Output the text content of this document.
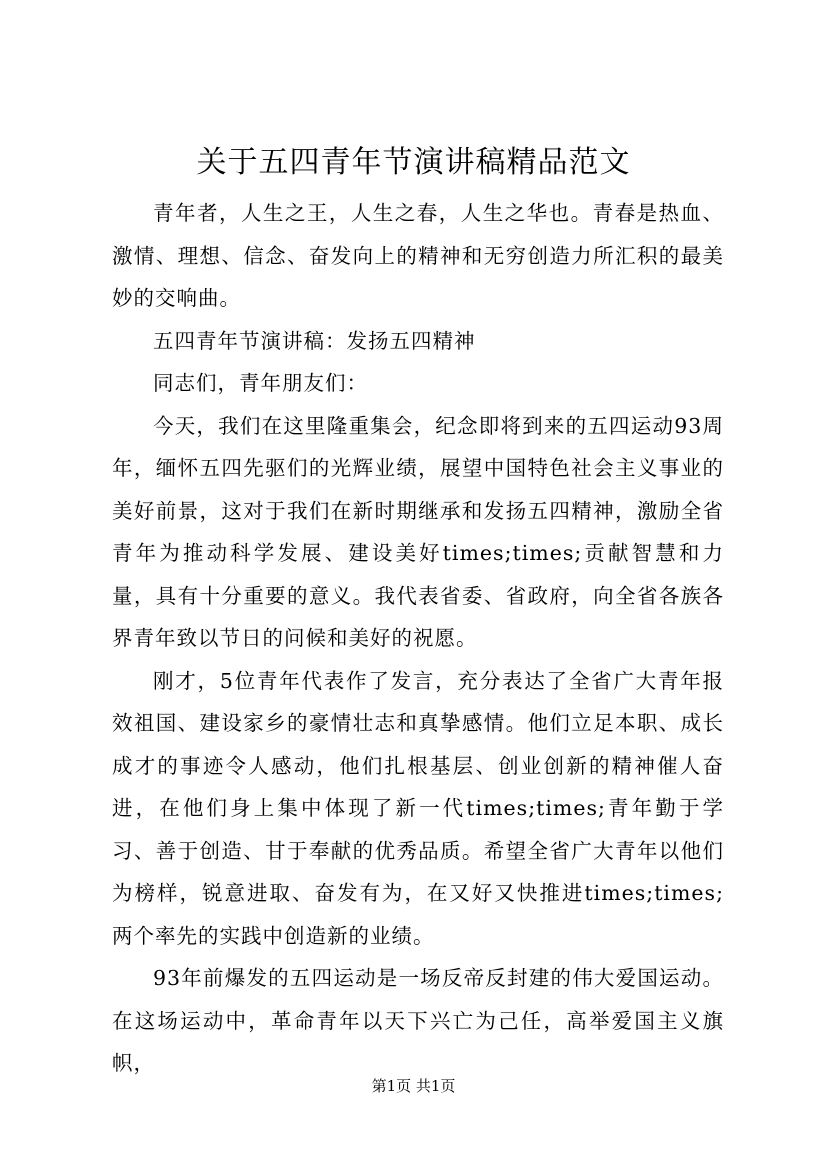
关于五四青年节演讲稿精品范文

青年者，人生之王，人生之春，人生之华也。青春是热血、激情、理想、信念、奋发向上的精神和无穷创造力所汇积的最美妙的交响曲。

五四青年节演讲稿：发扬五四精神

同志们，青年朋友们：

今天，我们在这里隆重集会，纪念即将到来的五四运动93周年，缅怀五四先驱们的光辉业绩，展望中国特色社会主义事业的美好前景，这对于我们在新时期继承和发扬五四精神，激励全省青年为推动科学发展、建设美好times;times;贡献智慧和力量，具有十分重要的意义。我代表省委、省政府，向全省各族各界青年致以节日的问候和美好的祝愿。

刚才，5位青年代表作了发言，充分表达了全省广大青年报效祖国、建设家乡的豪情壮志和真挚感情。他们立足本职、成长成才的事迹令人感动，他们扎根基层、创业创新的精神催人奋进，在他们身上集中体现了新一代times;times;青年勤于学习、善于创造、甘于奉献的优秀品质。希望全省广大青年以他们为榜样，锐意进取、奋发有为，在又好又快推进times;times;两个率先的实践中创造新的业绩。

93年前爆发的五四运动是一场反帝反封建的伟大爱国运动。在这场运动中，革命青年以天下兴亡为己任，高举爱国主义旗帜，

第1页 共1页
